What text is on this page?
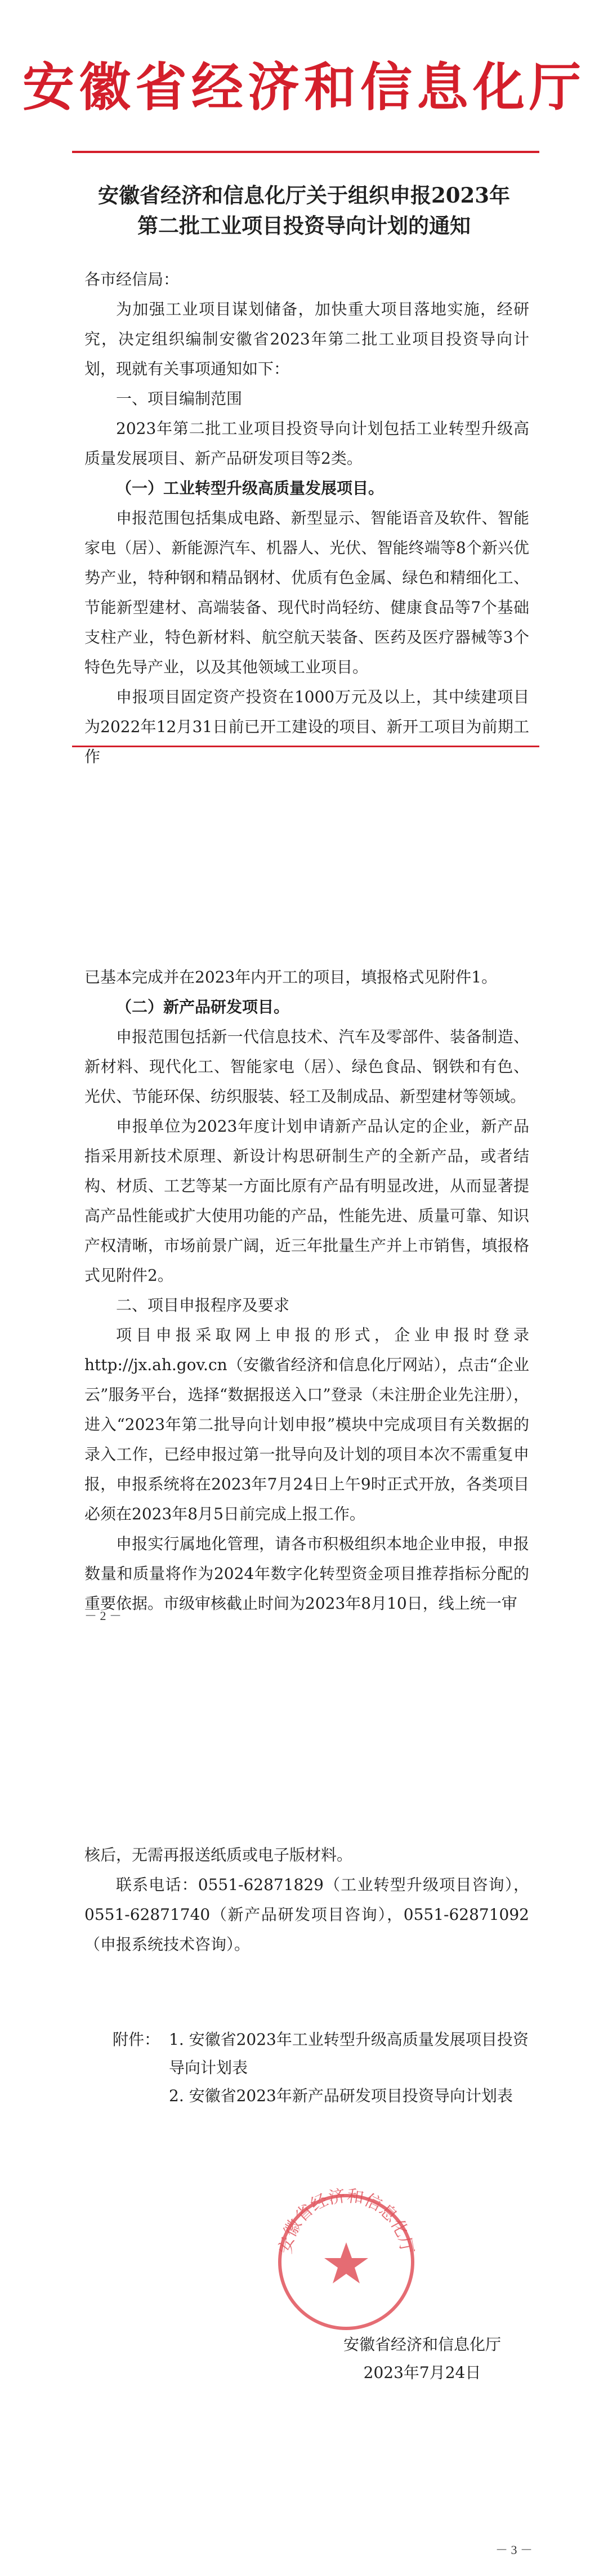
安徽省经济和信息化厅
安徽省经济和信息化厅关于组织申报2023年
第二批工业项目投资导向计划的通知

各市经信局：

为加强工业项目谋划储备，加快重大项目落地实施，经研究，决定组织编制安徽省2023年第二批工业项目投资导向计划，现就有关事项通知如下：

一、项目编制范围

2023年第二批工业项目投资导向计划包括工业转型升级高质量发展项目、新产品研发项目等2类。

（一）工业转型升级高质量发展项目。

申报范围包括集成电路、新型显示、智能语音及软件、智能家电（居）、新能源汽车、机器人、光伏、智能终端等8个新兴优势产业，特种钢和精品钢材、优质有色金属、绿色和精细化工、节能新型建材、高端装备、现代时尚轻纺、健康食品等7个基础支柱产业，特色新材料、航空航天装备、医药及医疗器械等3个特色先导产业，以及其他领域工业项目。

申报项目固定资产投资在1000万元及以上，其中续建项目为2022年12月31日前已开工建设的项目、新开工项目为前期工作

已基本完成并在2023年内开工的项目，填报格式见附件1。

（二）新产品研发项目。

申报范围包括新一代信息技术、汽车及零部件、装备制造、新材料、现代化工、智能家电（居）、绿色食品、钢铁和有色、光伏、节能环保、纺织服装、轻工及制成品、新型建材等领域。

申报单位为2023年度计划申请新产品认定的企业，新产品指采用新技术原理、新设计构思研制生产的全新产品，或者结构、材质、工艺等某一方面比原有产品有明显改进，从而显著提高产品性能或扩大使用功能的产品，性能先进、质量可靠、知识产权清晰，市场前景广阔，近三年批量生产并上市销售，填报格式见附件2。

二、项目申报程序及要求

项目申报采取网上申报的形式，企业申报时登录http://jx.ah.gov.cn（安徽省经济和信息化厅网站），点击“企业云”服务平台，选择“数据报送入口”登录（未注册企业先注册），进入“2023年第二批导向计划申报”模块中完成项目有关数据的录入工作，已经申报过第一批导向及计划的项目本次不需重复申报，申报系统将在2023年7月24日上午9时正式开放，各类项目必须在2023年8月5日前完成上报工作。

申报实行属地化管理，请各市积极组织本地企业申报，申报数量和质量将作为2024年数字化转型资金项目推荐指标分配的重要依据。市级审核截止时间为2023年8月10日，线上统一审

－ 2 －

核后，无需再报送纸质或电子版材料。

联系电话：0551-62871829（工业转型升级项目咨询），0551-62871740（新产品研发项目咨询），0551-62871092（申报系统技术咨询）。

附件： 1. 安徽省2023年工业转型升级高质量发展项目投资导向计划表

2. 安徽省2023年新产品研发项目投资导向计划表

安徽省经济和信息化厅
2023年7月24日
－ 3 －
安徽省经济和信息化厅
